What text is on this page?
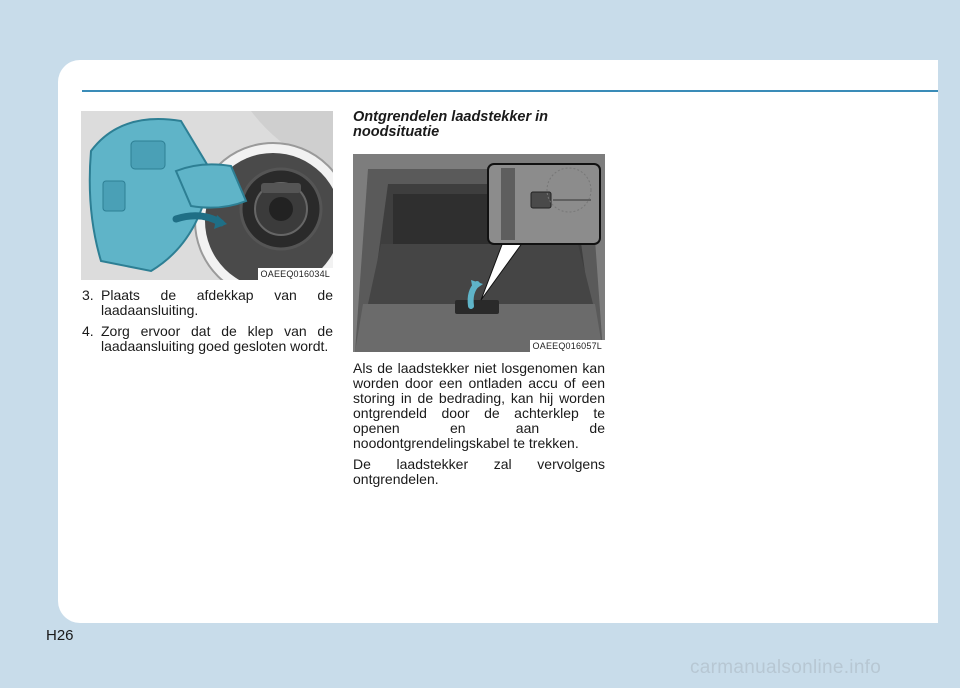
OAEEQ016034L
3. Plaats de afdekkap van de laadaansluiting.
4. Zorg ervoor dat de klep van de laadaansluiting goed gesloten wordt.
Ontgrendelen laadstekker in
noodsituatie
OAEEQ016057L

Als de laadstekker niet losgenomen kan worden door een ontladen accu of een storing in de bedrading, kan hij worden ontgrendeld door de achterklep te openen en aan de noodontgrendelingskabel te trekken.

De laadstekker zal vervolgens ontgrendelen.

H26
carmanualsonline.info
